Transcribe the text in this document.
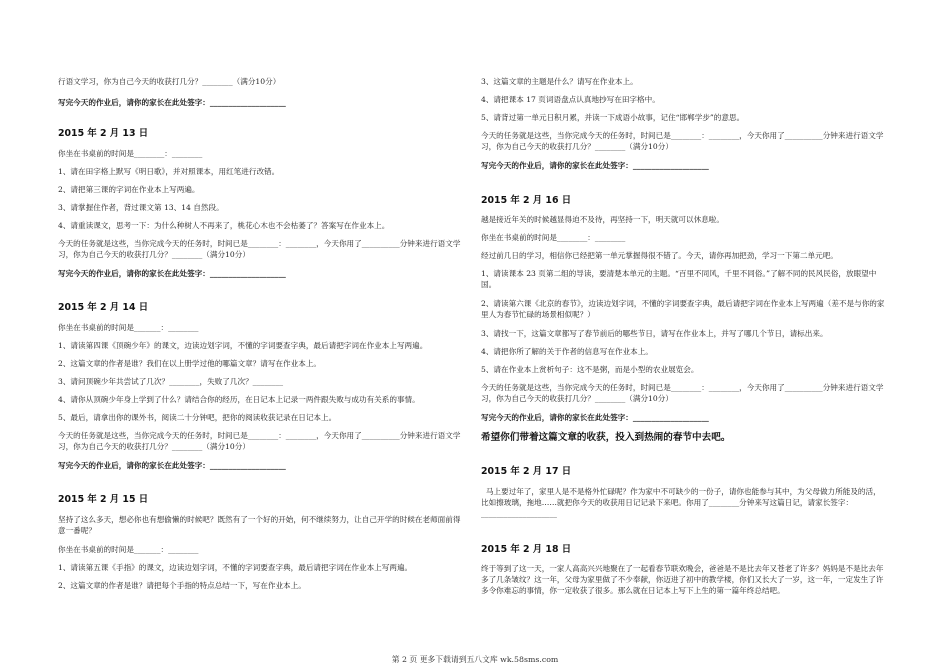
行语文学习，你为自己今天的收获打几分？________（满分10分）
写完今天的作业后，请你的家长在此处签字：____________________
2015 年 2 月 13 日
你坐在书桌前的时间是________：________
1、请在田字格上默写《明日歌》，并对照课本，用红笔进行改错。
2、请把第三课的字词在作业本上写两遍。
3、请掌握住作者，背过课文第 13、14 自然段。
4、请重读课文，思考一下：为什么种树人不再来了，桃花心木也不会枯萎了？答案写在作业本上。
今天的任务就是这些，当你完成今天的任务时，时间已是________：________，今天你用了__________分钟来进行语文学习，你为自己今天的收获打几分？________（满分10分）
写完今天的作业后，请你的家长在此处签字：____________________
2015 年 2 月 14 日
你坐在书桌前的时间是_______：________
1、请读第四课《顶碗少年》的课文，边读边划字词，不懂的字词要查字典，最后请把字词在作业本上写两遍。
2、这篇文章的作者是谁？我们在以上册学过他的哪篇文章？请写在作业本上。
3、请问顶碗少年共尝试了几次？________，失败了几次？________
4、请你从顶碗少年身上学到了什么？请结合你的经历，在日记本上记录一两件跟失败与成功有关系的事情。
5、最后，请拿出你的课外书，阅读二十分钟吧，把你的阅读收获记录在日记本上。
今天的任务就是这些，当你完成今天的任务时，时间已是________：________，今天你用了__________分钟来进行语文学习，你为自己今天的收获打几分？________（满分10分）
写完今天的作业后，请你的家长在此处签字：____________________
2015 年 2 月 15 日
坚持了这么多天，想必你也有想偷懒的时候吧？既然有了一个好的开始，何不继续努力，让自己开学的时候在老师面前得意一番呢？
你坐在书桌前的时间是_______：________
1、请读第五课《手指》的课文，边读边划字词，不懂的字词要查字典，最后请把字词在作业本上写两遍。
2、这篇文章的作者是谁？请把每个手指的特点总结一下，写在作业本上。
3、这篇文章的主题是什么？请写在作业本上。
4、请把课本 17 页词语盘点认真地抄写在田字格中。
5、请背过第一单元日积月累，并读一下成语小故事，记住“邯郸学步”的意思。
今天的任务就是这些，当你完成今天的任务时，时间已是________：________，今天你用了__________分钟来进行语文学习，你为自己今天的收获打几分？________（满分10分）
写完今天的作业后，请你的家长在此处签字：____________________
2015 年 2 月 16 日
越是接近年关的时候越显得迫不及待，再坚持一下，明天就可以休息啦。
你坐在书桌前的时间是________：________
经过前几日的学习，相信你已经把第一单元掌握得很不错了。今天，请你再加把劲，学习一下第二单元吧。
1、请读课本 23 页第二组的导读，要清楚本单元的主题。“百里不同风，千里不同俗。”了解不同的民风民俗，放眼望中国。
2、请读第六课《北京的春节》，边读边划字词，不懂的字词要查字典，最后请把字词在作业本上写两遍（差不是与你的家里人为春节忙碌的场景相似呢？）
3、请找一下，这篇文章都写了春节前后的哪些节日，请写在作业本上，并写了哪几个节日，请标出来。
4、请把你所了解的关于作者的信息写在作业本上。
5、请在作业本上赏析句子：这不是粥，而是小型的农业展览会。
今天的任务就是这些，当你完成今天的任务时，时间已是________：________，今天你用了__________分钟来进行语文学习，你为自己今天的收获打几分？________（满分10分）
写完今天的作业后，请你的家长在此处签字：____________________
希望你们带着这篇文章的收获，投入到热闹的春节中去吧。
2015 年 2 月 17 日
马上要过年了，家里人是不是格外忙碌呢？作为家中不可缺少的一份子，请你也能参与其中，为父母做力所能及的活，比如擦玻璃，拖地……就把你今天的收获用日记记录下来吧。你用了________分钟来写这篇日记，请家长签字：____________________
2015 年 2 月 18 日
终于等到了这一天，一家人高高兴兴地聚在了一起看春节联欢晚会，爸爸是不是比去年又苍老了许多？妈妈是不是比去年多了几条皱纹？这一年，父母为家里做了不少奉献，你迈进了初中的教学楼，你们又长大了一岁，这一年，一定发生了许多令你难忘的事情，你一定收获了很多。那么就在日记本上写下上生的第一篇年终总结吧。
第 2 页 更多下载请到五八文库 wk.58sms.com
